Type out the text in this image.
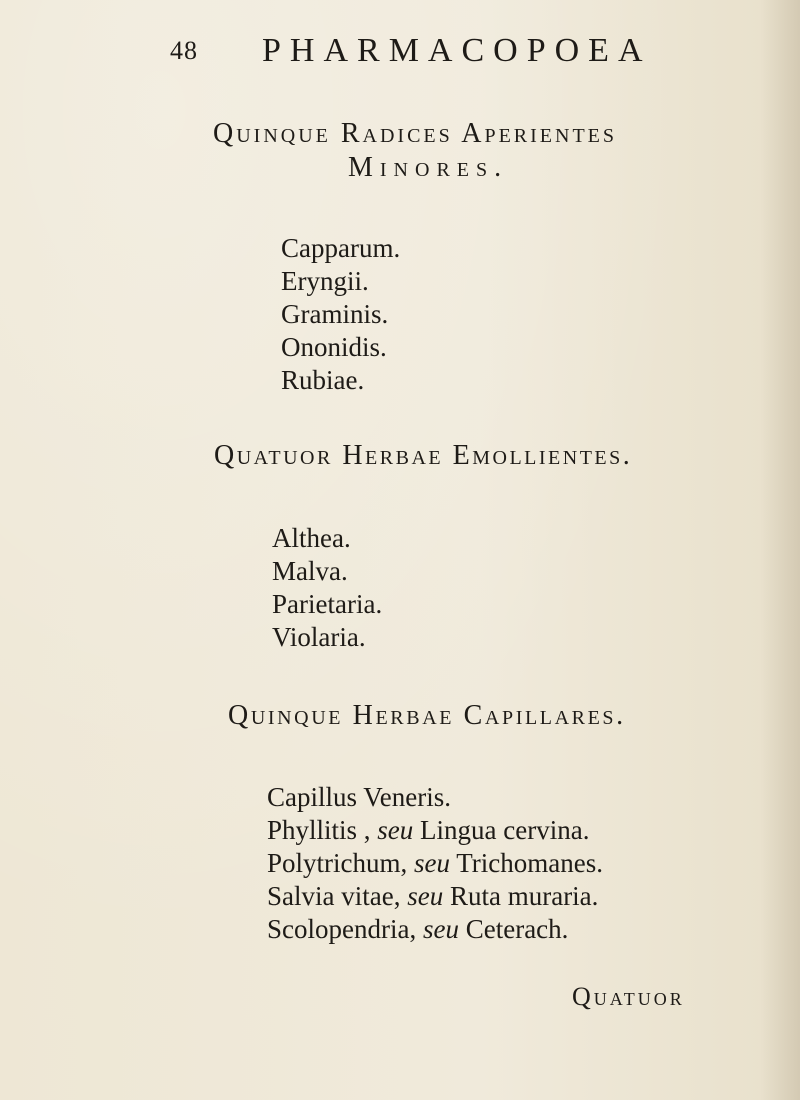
48 PHARMACOPOEA
Quinque Radices Aperientes
Minores.
Capparum.
Eryngii.
Graminis.
Ononidis.
Rubiae.
Quatuor Herbae Emollientes.
Althea.
Malva.
Parietaria.
Violaria.
Quinque Herbae Capillares.
Capillus Veneris.
Phyllitis , seu Lingua cervina.
Polytrichum, seu Trichomanes.
Salvia vitae, seu Ruta muraria.
Scolopendria, seu Ceterach.
Quatuor
